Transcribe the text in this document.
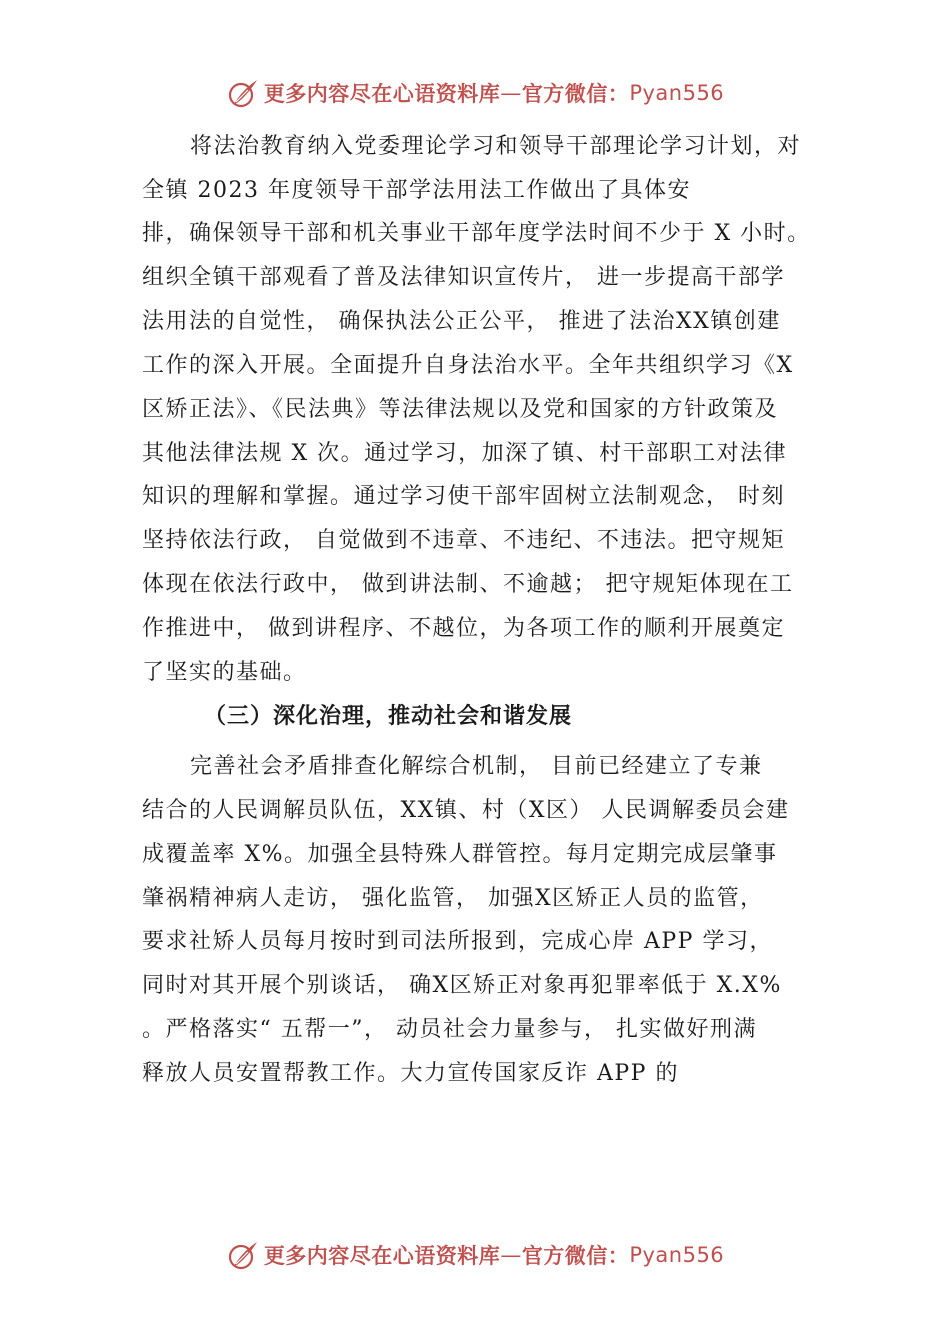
更多内容尽在心语资料库 — 官方微信： Pyan556
将法治教育纳入党委理论学习和领导干部理论学习计划，对
全镇 2023 年度领导干部学法用法工作做出了具体安
排，确保领导干部和机关事业干部年度学法时间不少于 X 小时。
组织全镇干部观看了普及法律知识宣传片， 进一步提高干部学
法用法的自觉性， 确保执法公正公平， 推进了法治XX镇创建
工作的深入开展。全面提升自身法治水平。全年共组织学习《X
区矫正法》、《民法典》等法律法规以及党和国家的方针政策及
其他法律法规 X 次。通过学习，加深了镇、村干部职工对法律
知识的理解和掌握。通过学习使干部牢固树立法制观念， 时刻
坚持依法行政， 自觉做到不违章、不违纪、不违法。把守规矩
体现在依法行政中， 做到讲法制、不逾越； 把守规矩体现在工
作推进中， 做到讲程序、不越位，为各项工作的顺利开展奠定
了坚实的基础。
（三）深化治理，推动社会和谐发展
完善社会矛盾排查化解综合机制， 目前已经建立了专兼
结合的人民调解员队伍，XX镇、村（X区） 人民调解委员会建
成覆盖率 X%。加强全县特殊人群管控。每月定期完成层肇事
肇祸精神病人走访， 强化监管， 加强X区矫正人员的监管，
要求社矫人员每月按时到司法所报到，完成心岸 APP 学习，
同时对其开展个别谈话， 确X区矫正对象再犯罪率低于 X.X%
。严格落实“ 五帮一”， 动员社会力量参与， 扎实做好刑满
释放人员安置帮教工作。大力宣传国家反诈 APP 的
更多内容尽在心语资料库 — 官方微信： Pyan556
